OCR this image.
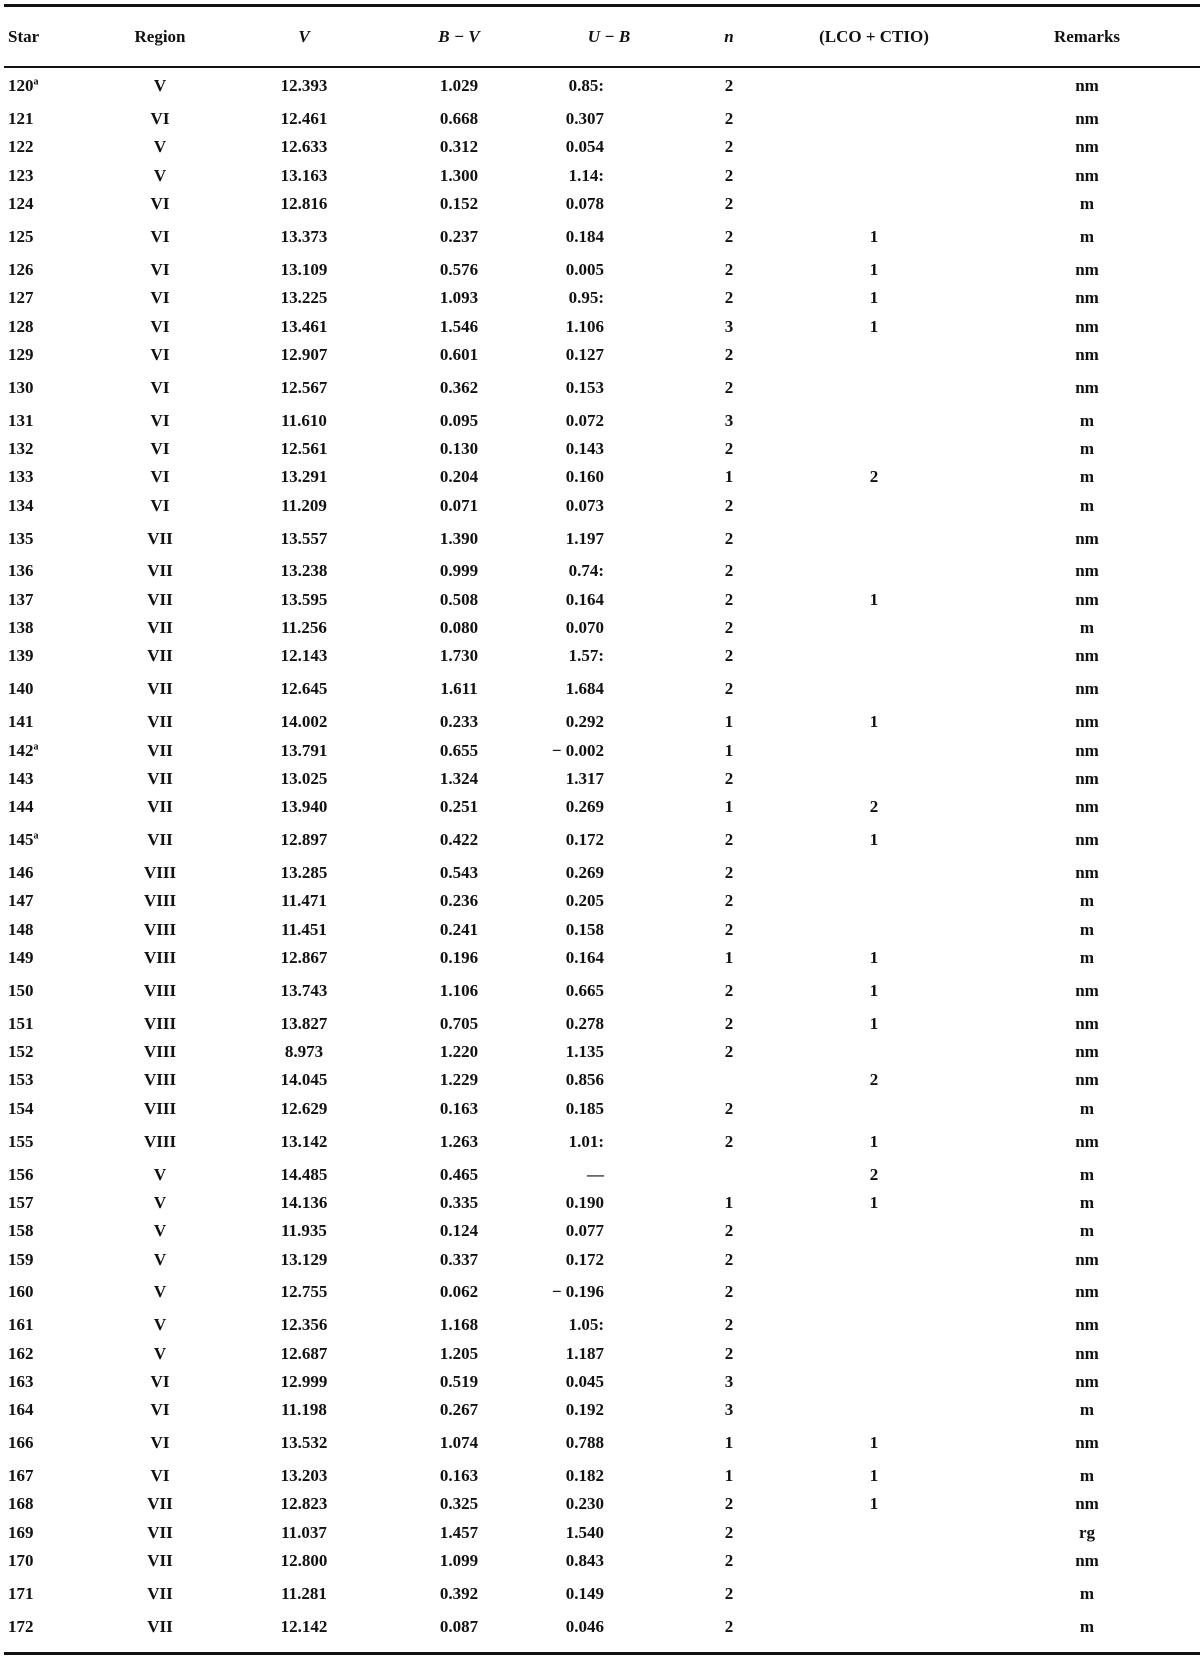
Star	Region	V	B − V	U − B	n	(LCO + CTIO)	Remarks
120$^a$	V	12.393	1.029	0.85:	2		nm
121	VI	12.461	0.668	0.307	2		nm
122	V	12.633	0.312	0.054	2		nm
123	V	13.163	1.300	1.14:	2		nm
124	VI	12.816	0.152	0.078	2		m
125	VI	13.373	0.237	0.184	2	1	m
126	VI	13.109	0.576	0.005	2	1	nm
127	VI	13.225	1.093	0.95:	2	1	nm
128	VI	13.461	1.546	1.106	3	1	nm
129	VI	12.907	0.601	0.127	2		nm
130	VI	12.567	0.362	0.153	2		nm
131	VI	11.610	0.095	0.072	3		m
132	VI	12.561	0.130	0.143	2		m
133	VI	13.291	0.204	0.160	1	2	m
134	VI	11.209	0.071	0.073	2		m
135	VII	13.557	1.390	1.197	2		nm
136	VII	13.238	0.999	0.74:	2		nm
137	VII	13.595	0.508	0.164	2	1	nm
138	VII	11.256	0.080	0.070	2		m
139	VII	12.143	1.730	1.57:	2		nm
140	VII	12.645	1.611	1.684	2		nm
141	VII	14.002	0.233	0.292	1	1	nm
142$^a$	VII	13.791	0.655	− 0.002	1		nm
143	VII	13.025	1.324	1.317	2		nm
144	VII	13.940	0.251	0.269	1	2	nm
145$^a$	VII	12.897	0.422	0.172	2	1	nm
146	VIII	13.285	0.543	0.269	2		nm
147	VIII	11.471	0.236	0.205	2		m
148	VIII	11.451	0.241	0.158	2		m
149	VIII	12.867	0.196	0.164	1	1	m
150	VIII	13.743	1.106	0.665	2	1	nm
151	VIII	13.827	0.705	0.278	2	1	nm
152	VIII	8.973	1.220	1.135	2		nm
153	VIII	14.045	1.229	0.856		2	nm
154	VIII	12.629	0.163	0.185	2		m
155	VIII	13.142	1.263	1.01:	2	1	nm
156	V	14.485	0.465	—		2	m
157	V	14.136	0.335	0.190	1	1	m
158	V	11.935	0.124	0.077	2		m
159	V	13.129	0.337	0.172	2		nm
160	V	12.755	0.062	− 0.196	2		nm
161	V	12.356	1.168	1.05:	2		nm
162	V	12.687	1.205	1.187	2		nm
163	VI	12.999	0.519	0.045	3		nm
164	VI	11.198	0.267	0.192	3		m
166	VI	13.532	1.074	0.788	1	1	nm
167	VI	13.203	0.163	0.182	1	1	m
168	VII	12.823	0.325	0.230	2	1	nm
169	VII	11.037	1.457	1.540	2		rg
170	VII	12.800	1.099	0.843	2		nm
171	VII	11.281	0.392	0.149	2		m
172	VII	12.142	0.087	0.046	2		m
